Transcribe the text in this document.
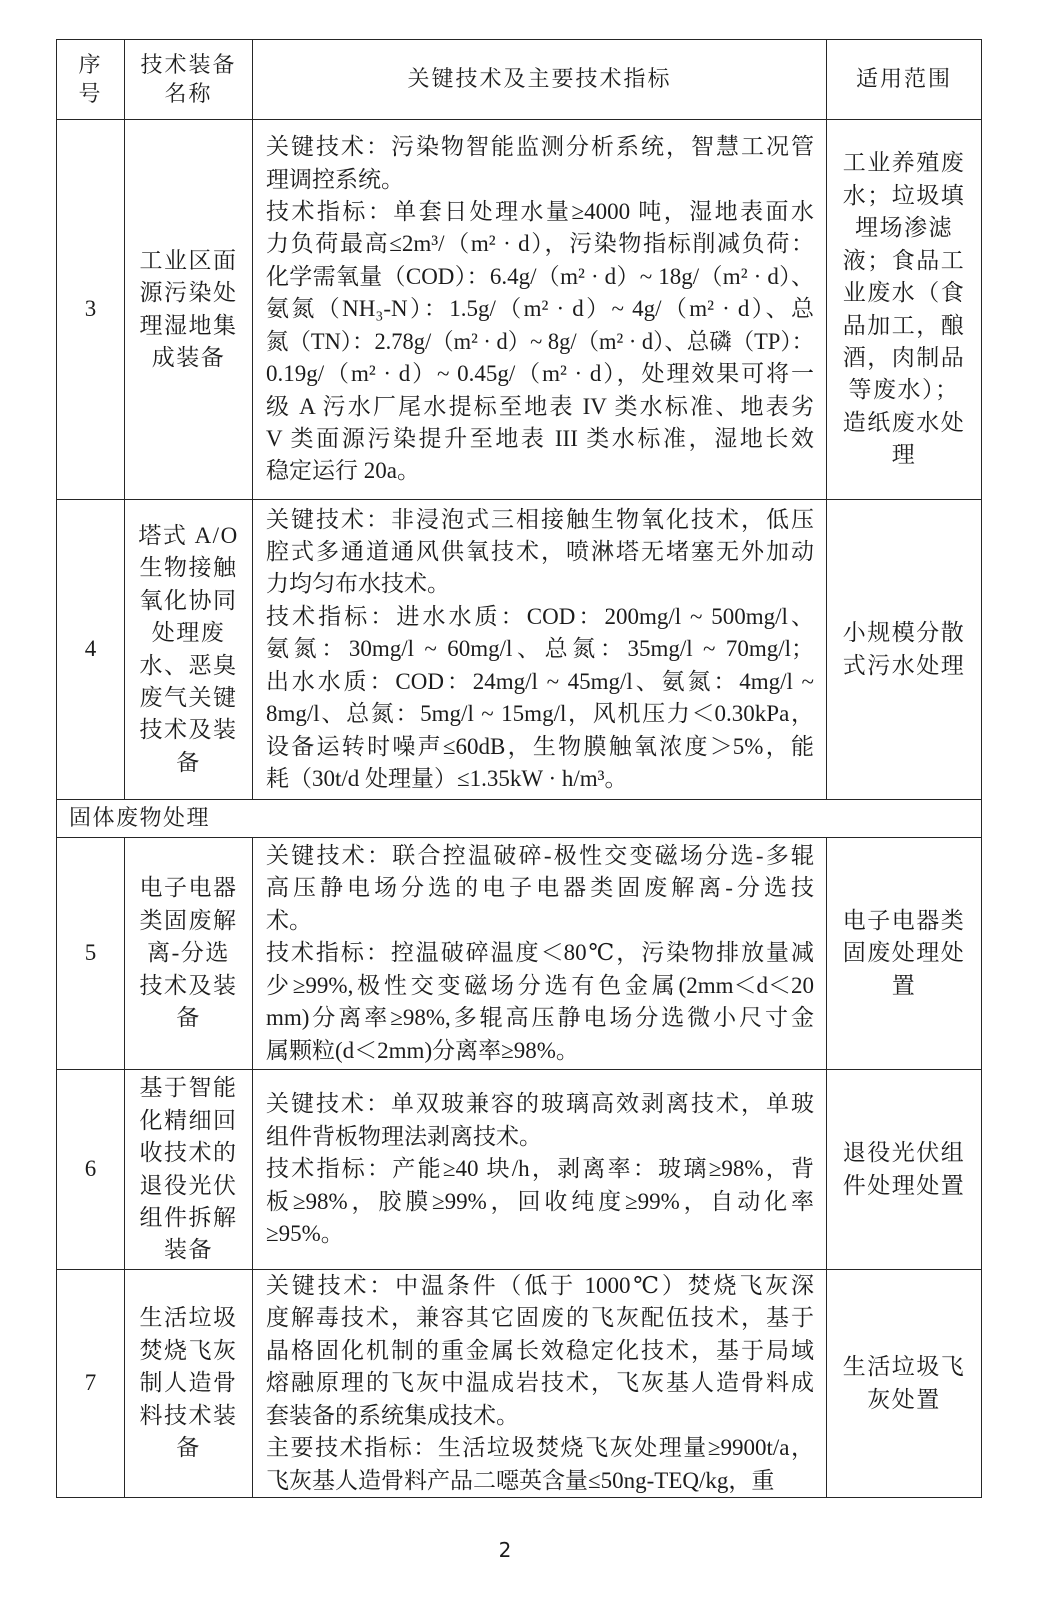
序
号
技术装备
名称
关键技术及主要技术指标	适用范围
3
工业区面
源污染处
理湿地集
成装备
关键技术：污染物智能监测分析系统，智慧工况管
理调控系统。
技术指标：单套日处理水量≥4000 吨，湿地表面水
力负荷最高≤2m³/（m² · d），污染物指标削减负荷：
化学需氧量（COD）：6.4g/（m² · d）~ 18g/（m² · d）、
氨氮（NH₃-N）：1.5g/（m² · d）~ 4g/（m² · d）、总
氮（TN）：2.78g/（m² · d）~ 8g/（m² · d）、总磷（TP）：
0.19g/（m² · d）~ 0.45g/（m² · d），处理效果可将一
级 A 污水厂尾水提标至地表 IV 类水标准、地表劣
V 类面源污染提升至地表 III 类水标准，湿地长效
稳定运行 20a。
工业养殖废
水；垃圾填
埋场渗滤
液；食品工
业废水（食
品加工，酿
酒，肉制品
等废水）；
造纸废水处
理
4
塔式 A/O
生物接触
氧化协同
处理废
水、恶臭
废气关键
技术及装
备
关键技术：非浸泡式三相接触生物氧化技术，低压
腔式多通道通风供氧技术，喷淋塔无堵塞无外加动
力均匀布水技术。
技术指标：进水水质：COD：200mg/l ~ 500mg/l、
氨氮：30mg/l ~ 60mg/l、总氮：35mg/l ~ 70mg/l；
出水水质：COD：24mg/l ~ 45mg/l、氨氮：4mg/l ~
8mg/l、总氮：5mg/l ~ 15mg/l，风机压力＜0.30kPa，
设备运转时噪声≤60dB，生物膜触氧浓度＞5%，能
耗（30t/d 处理量）≤1.35kW · h/m³。
小规模分散
式污水处理
固体废物处理
5
电子电器
类固废解
离-分选
技术及装
备
关键技术：联合控温破碎-极性交变磁场分选-多辊
高压静电场分选的电子电器类固废解离-分选技
术。
技术指标：控温破碎温度＜80℃，污染物排放量减
少≥99%,极性交变磁场分选有色金属(2mm＜d＜20
mm)分离率≥98%,多辊高压静电场分选微小尺寸金
属颗粒(d＜2mm)分离率≥98%。
电子电器类
固废处理处
置
6
基于智能
化精细回
收技术的
退役光伏
组件拆解
装备
关键技术：单双玻兼容的玻璃高效剥离技术，单玻
组件背板物理法剥离技术。
技术指标：产能≥40 块/h，剥离率：玻璃≥98%，背
板≥98%，胶膜≥99%，回收纯度≥99%，自动化率
≥95%。
退役光伏组
件处理处置
7
生活垃圾
焚烧飞灰
制人造骨
料技术装
备
关键技术：中温条件（低于 1000℃）焚烧飞灰深
度解毒技术，兼容其它固废的飞灰配伍技术，基于
晶格固化机制的重金属长效稳定化技术，基于局域
熔融原理的飞灰中温成岩技术，飞灰基人造骨料成
套装备的系统集成技术。
主要技术指标：生活垃圾焚烧飞灰处理量≥9900t/a，
飞灰基人造骨料产品二噁英含量≤50ng-TEQ/kg，重
生活垃圾飞
灰处置
2
